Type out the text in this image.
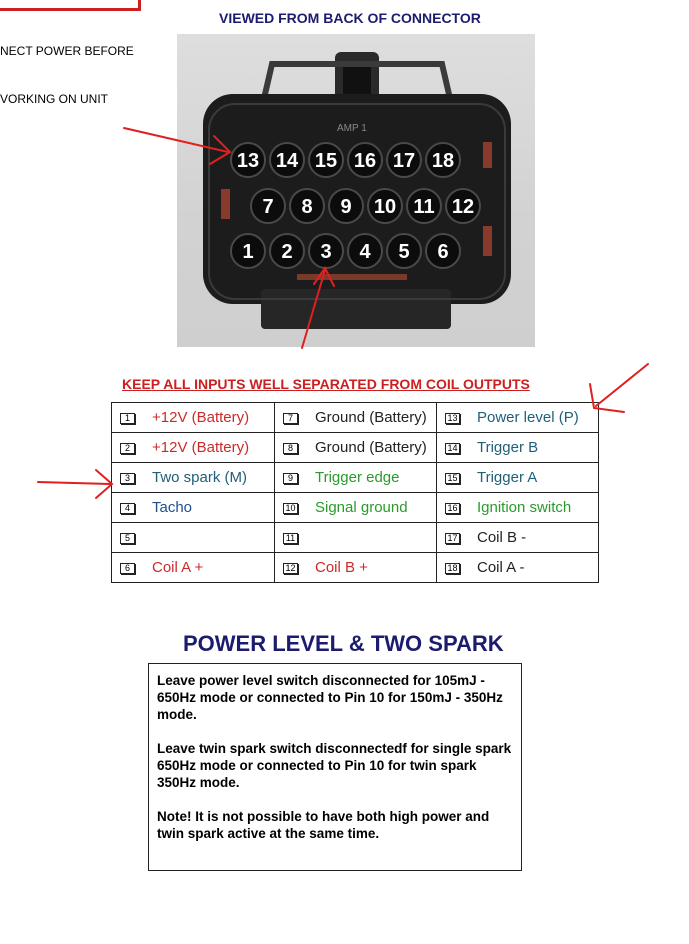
NECT POWER BEFORE

VORKING ON UNIT

VIEWED FROM BACK OF CONNECTOR
AMP 1
13 14 15 16 17 18
7 8 9 10 11 12
1 2 3 4 5 6
KEEP ALL INPUTS WELL SEPARATED FROM COIL OUTPUTS
1 +12V (Battery)	7 Ground (Battery)	13 Power level (P)
2 +12V (Battery)	8 Ground (Battery)	14 Trigger B
3 Two spark (M)	9 Trigger edge	15 Trigger A
4 Tacho	10 Signal ground	16 Ignition switch
5	11	17 Coil B -
6 Coil A +	12 Coil B +	18 Coil A -
POWER LEVEL & TWO SPARK

Leave power level switch disconnected for 105mJ - 650Hz mode or connected to Pin 10 for 150mJ - 350Hz mode.

Leave twin spark switch disconnectedf for single spark 650Hz mode or connected to Pin 10 for twin spark 350Hz mode.

Note! It is not possible to have both high power and twin spark active at the same time.
